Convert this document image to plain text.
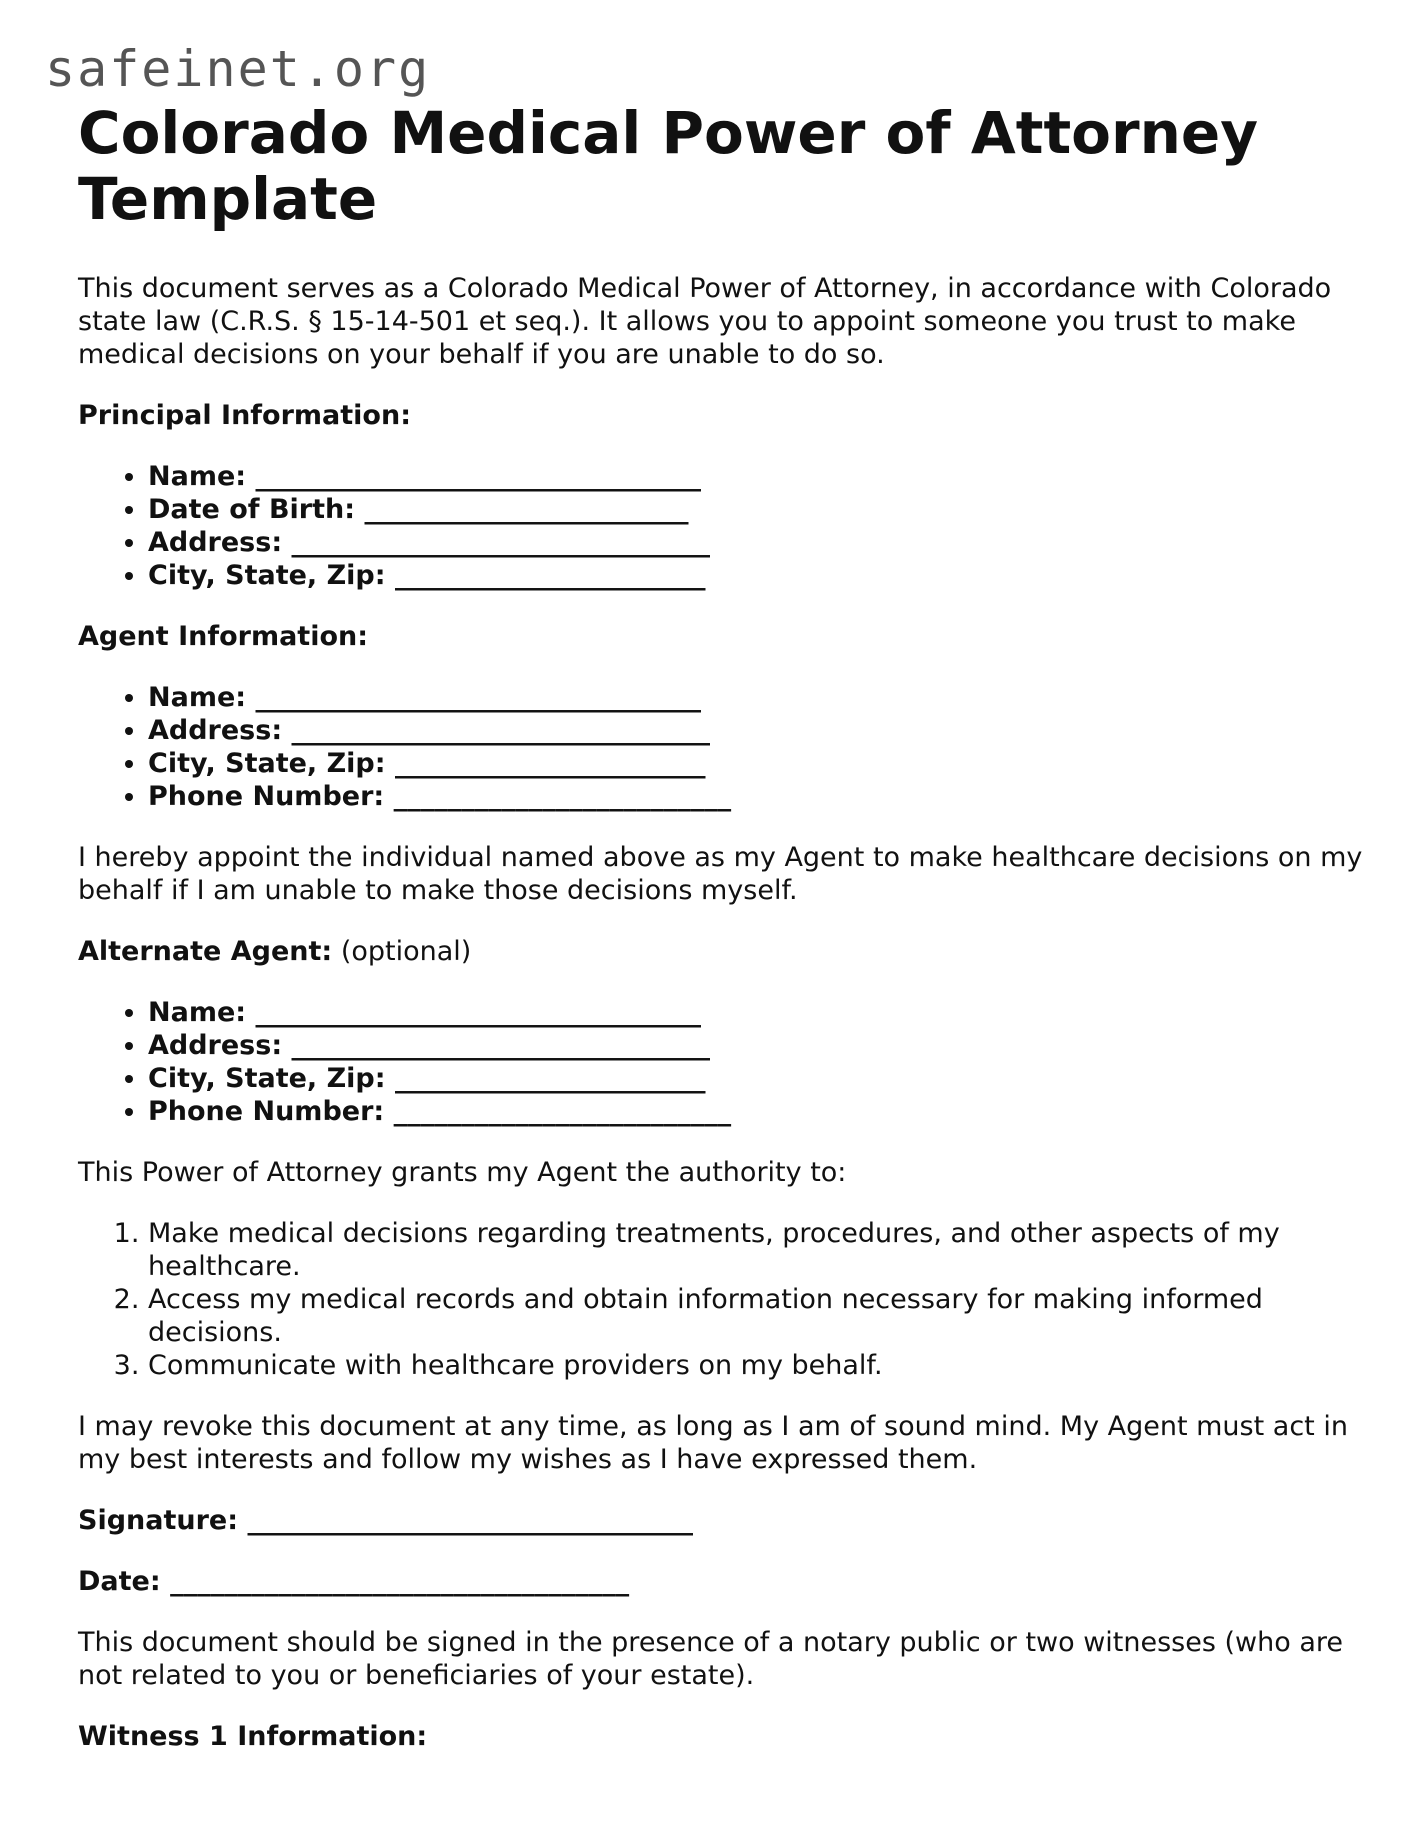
safeinet.org
Colorado Medical Power of Attorney Template

This document serves as a Colorado Medical Power of Attorney, in accordance with Colorado state law (C.R.S. § 15-14-501 et seq.). It allows you to appoint someone you trust to make medical decisions on your behalf if you are unable to do so.

Principal Information:

• Name: _________________________________
• Date of Birth: ________________________
• Address: _______________________________
• City, State, Zip: _______________________

Agent Information:

• Name: _________________________________
• Address: _______________________________
• City, State, Zip: _______________________
• Phone Number: _________________________

I hereby appoint the individual named above as my Agent to make healthcare decisions on my behalf if I am unable to make those decisions myself.

Alternate Agent: (optional)

• Name: _________________________________
• Address: _______________________________
• City, State, Zip: _______________________
• Phone Number: _________________________

This Power of Attorney grants my Agent the authority to:

1. Make medical decisions regarding treatments, procedures, and other aspects of my healthcare.
2. Access my medical records and obtain information necessary for making informed decisions.
3. Communicate with healthcare providers on my behalf.

I may revoke this document at any time, as long as I am of sound mind. My Agent must act in my best interests and follow my wishes as I have expressed them.

Signature: _________________________________

Date: __________________________________

This document should be signed in the presence of a notary public or two witnesses (who are not related to you or beneficiaries of your estate).

Witness 1 Information:
